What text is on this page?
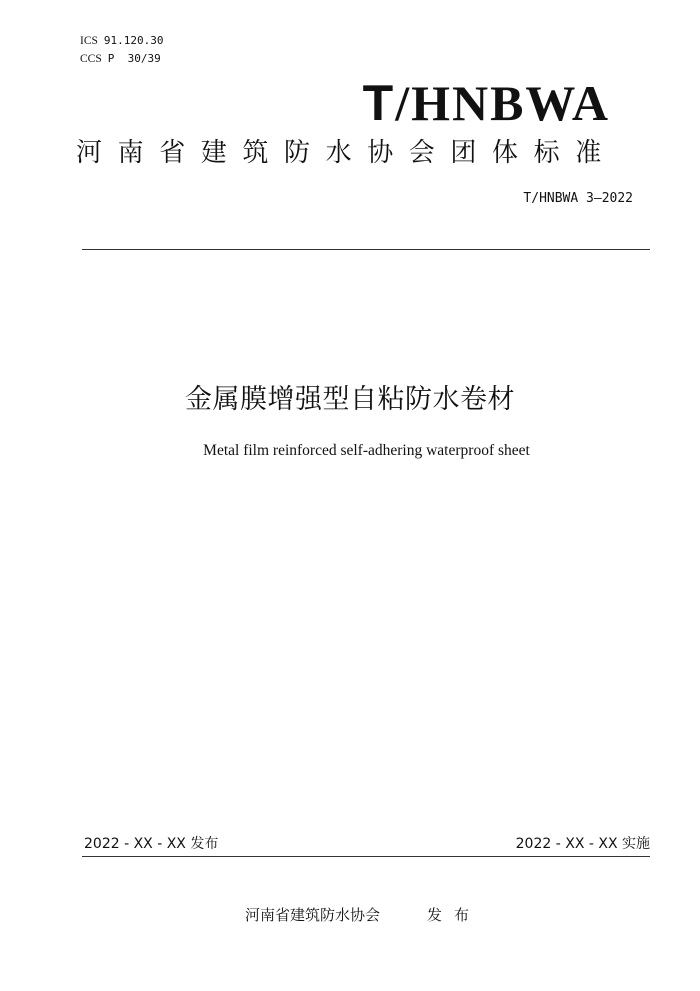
ICS 91.120.30
CCS P  30/39
T/HNBWA
河南省建筑防水协会团体标准
T/HNBWA 3—2022
金属膜增强型自粘防水卷材
Metal film reinforced self-adhering waterproof sheet
2022 - XX - XX 发布	2022 - XX - XX 实施
河南省建筑防水协会	发布
